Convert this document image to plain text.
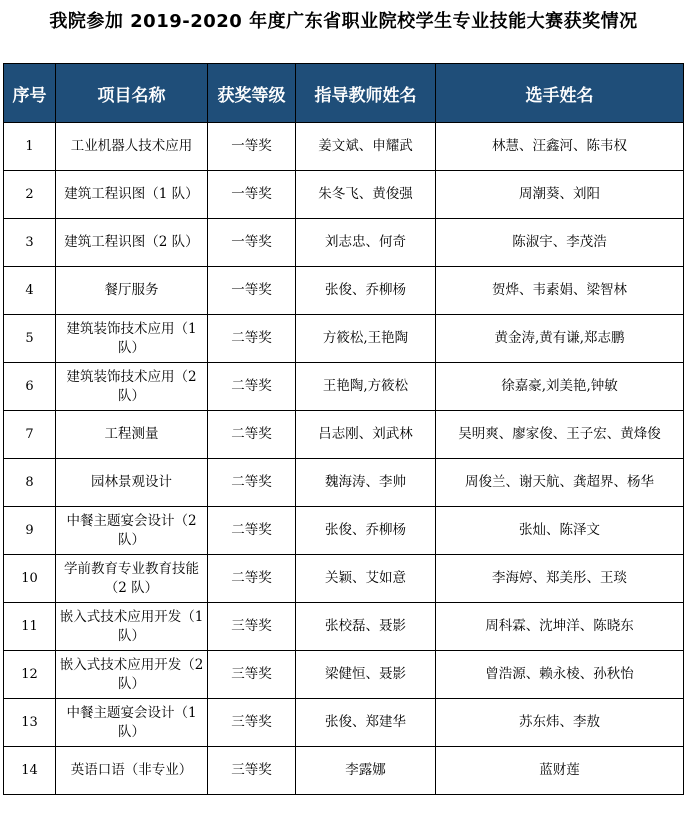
我院参加 2019-2020 年度广东省职业院校学生专业技能大赛获奖情况
序号	项目名称	获奖等级	指导教师姓名	选手姓名
1	工业机器人技术应用	一等奖	姜文斌、申耀武	林慧、汪鑫河、陈韦权
2	建筑工程识图（1 队）	一等奖	朱冬飞、黄俊强	周潮葵、刘阳
3	建筑工程识图（2 队）	一等奖	刘志忠、何奇	陈淑宇、李茂浩
4	餐厅服务	一等奖	张俊、乔柳杨	贺烨、韦素娟、梁智林
5	建筑装饰技术应用（1 队）	二等奖	方筱松,王艳陶	黄金涛,黄有谦,郑志鹏
6	建筑装饰技术应用（2 队）	二等奖	王艳陶,方筱松	徐嘉豪,刘美艳,钟敏
7	工程测量	二等奖	吕志刚、刘武林	吴明爽、廖家俊、王子宏、黄烽俊
8	园林景观设计	二等奖	魏海涛、李帅	周俊兰、谢天航、龚超界、杨华
9	中餐主题宴会设计（2 队）	二等奖	张俊、乔柳杨	张灿、陈泽文
10	学前教育专业教育技能（2 队）	二等奖	关颖、艾如意	李海婷、郑美彤、王琰
11	嵌入式技术应用开发（1 队）	三等奖	张校磊、聂影	周科霖、沈坤洋、陈晓东
12	嵌入式技术应用开发（2 队）	三等奖	梁健恒、聂影	曾浩源、赖永棱、孙秋怡
13	中餐主题宴会设计（1 队）	三等奖	张俊、郑建华	苏东炜、李敖
14	英语口语（非专业）	三等奖	李露娜	蓝财莲
